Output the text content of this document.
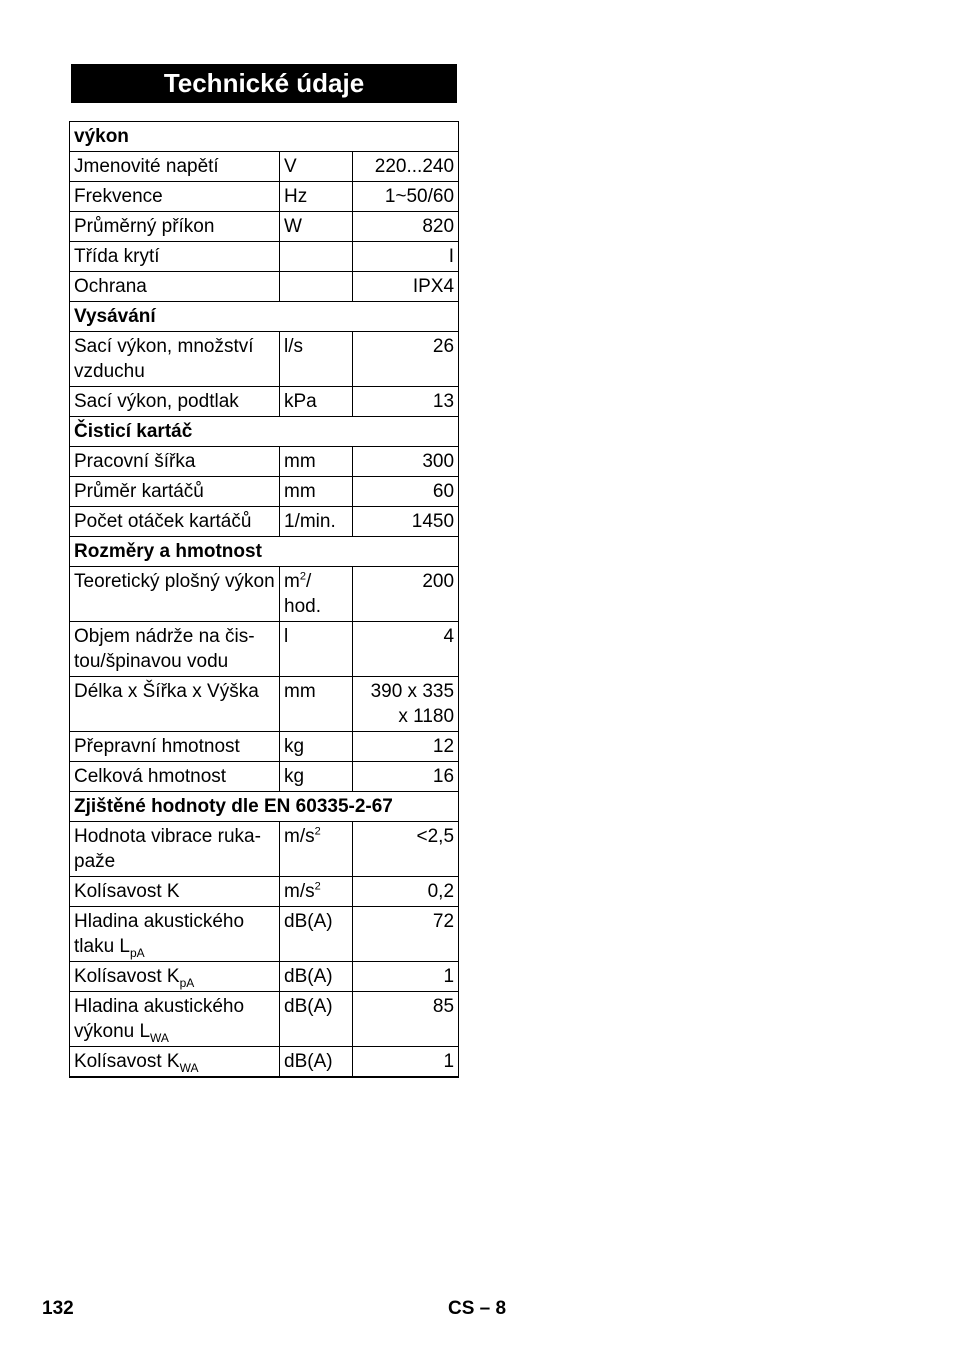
Technické údaje
výkon		
Jmenovité napětí	V	220...240
Frekvence	Hz	1~50/60
Průměrný příkon	W	820
Třída krytí		I
Ochrana		IPX4
Vysávání		
Sací výkon, množství vzduchu	l/s	26
Sací výkon, podtlak	kPa	13
Čisticí kartáč		
Pracovní šířka	mm	300
Průměr kartáčů	mm	60
Počet otáček kartáčů	1/min.	1450
Rozměry a hmotnost		
Teoretický plošný výkon	$m^2/$ hod.	200
Objem nádrže na čis-tou/špinavou vodu	l	4
Délka x Šířka x Výška	mm	390 x 335 x 1180
Přepravní hmotnost	kg	12
Celková hmotnost	kg	16
Zjištěné hodnoty dle EN 60335-2-67		
Hodnota vibrace ruka-paže	$m/s^2$	<2,5
Kolísavost K	$m/s^2$	0,2
Hladina akustického tlaku $L_{pA}$	dB(A)	72
Kolísavost $K_{pA}$	dB(A)	1
Hladina akustického výkonu $L_{WA}$	dB(A)	85
Kolísavost $K_{WA}$	dB(A)	1
132	CS – 8
